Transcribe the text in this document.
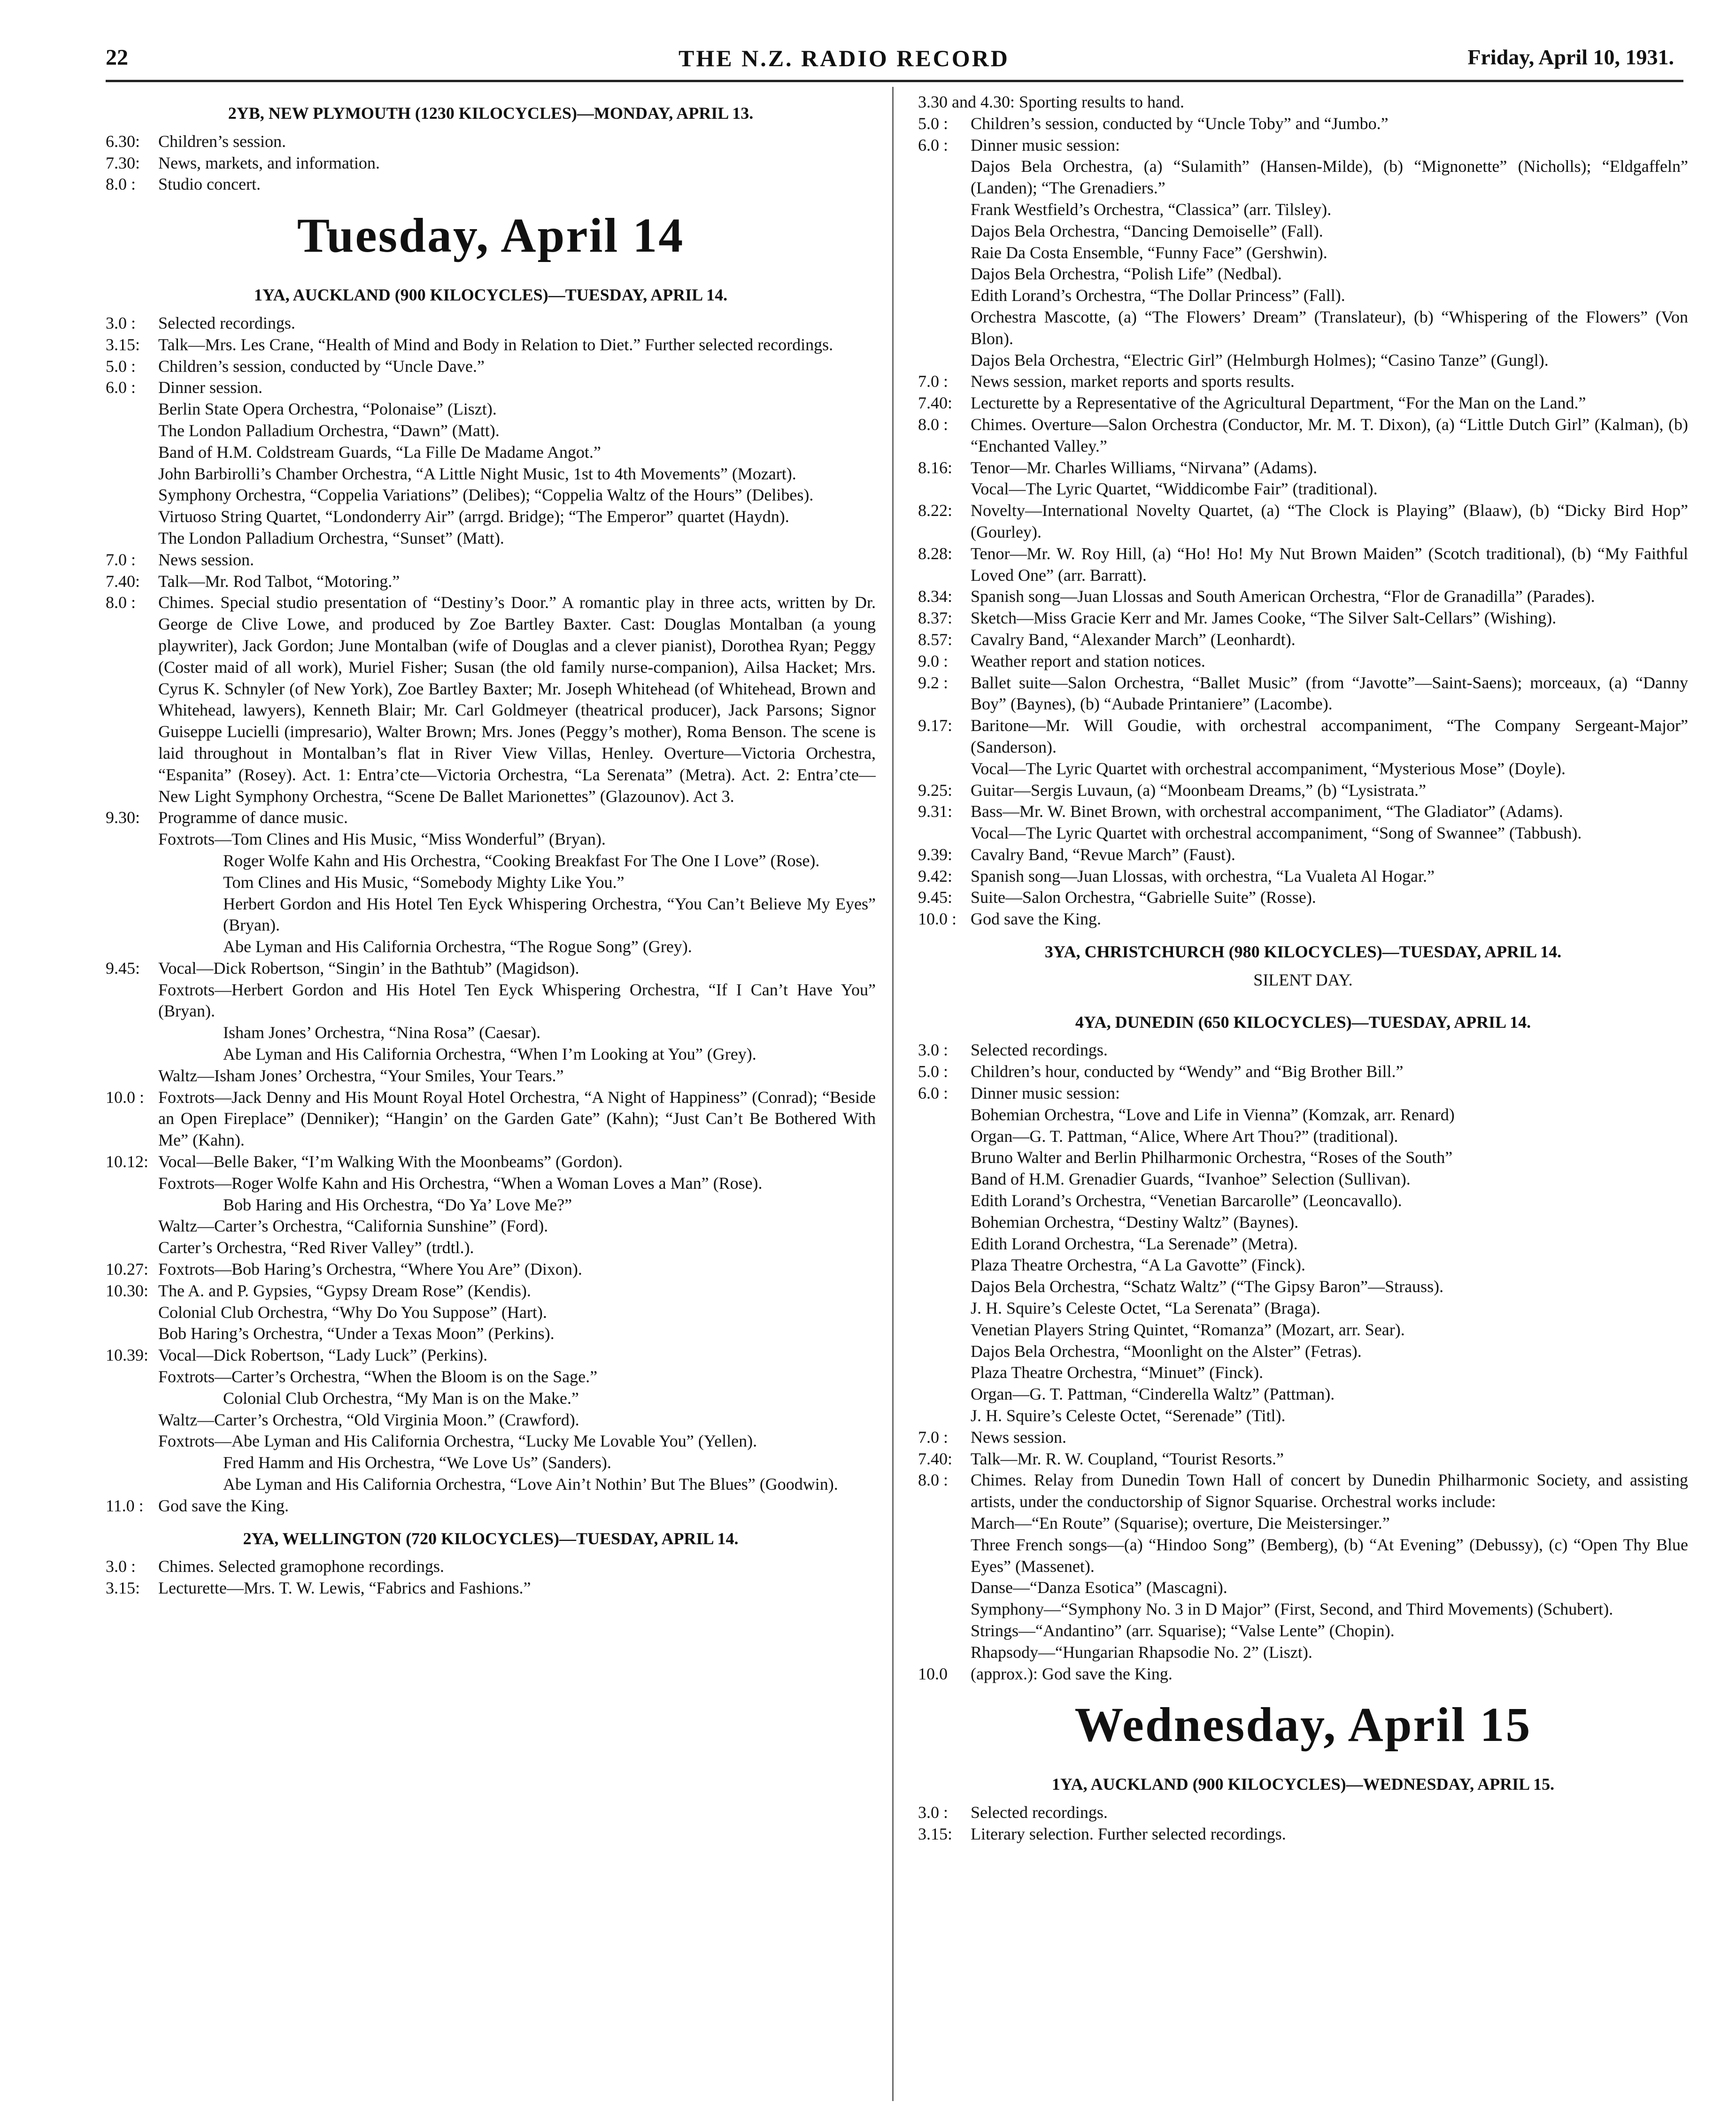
22	THE N.Z. RADIO RECORD	Friday, April 10, 1931.
2YB, NEW PLYMOUTH (1230 KILOCYCLES)—MONDAY, APRIL 13.
6.30:	Children’s session.
7.30:	News, markets, and information.
8.0 :	Studio concert.
Tuesday, April 14
1YA, AUCKLAND (900 KILOCYCLES)—TUESDAY, APRIL 14.
3.0 :	Selected recordings.
3.15:	Talk—Mrs. Les Crane, “Health of Mind and Body in Relation to Diet.” Further selected recordings.
5.0 :	Children’s session, conducted by “Uncle Dave.”
6.0 :	Dinner session.
Berlin State Opera Orchestra, “Polonaise” (Liszt).
The London Palladium Orchestra, “Dawn” (Matt).
Band of H.M. Coldstream Guards, “La Fille De Madame Angot.”
John Barbirolli’s Chamber Orchestra, “A Little Night Music, 1st to 4th Movements” (Mozart).
Symphony Orchestra, “Coppelia Variations” (Delibes); “Coppelia Waltz of the Hours” (Delibes).
Virtuoso String Quartet, “Londonderry Air” (arrgd. Bridge); “The Emperor” quartet (Haydn).
The London Palladium Orchestra, “Sunset” (Matt).
7.0 :	News session.
7.40:	Talk—Mr. Rod Talbot, “Motoring.”
8.0 :	Chimes. Special studio presentation of “Destiny’s Door.” A romantic play in three acts, written by Dr. George de Clive Lowe, and produced by Zoe Bartley Baxter. Cast: Douglas Montalban (a young playwriter), Jack Gordon; June Montalban (wife of Douglas and a clever pianist), Dorothea Ryan; Peggy (Coster maid of all work), Muriel Fisher; Susan (the old family nurse-companion), Ailsa Hacket; Mrs. Cyrus K. Schnyler (of New York), Zoe Bartley Baxter; Mr. Joseph Whitehead (of Whitehead, Brown and Whitehead, lawyers), Kenneth Blair; Mr. Carl Goldmeyer (theatrical producer), Jack Parsons; Signor Guiseppe Lucielli (impresario), Walter Brown; Mrs. Jones (Peggy’s mother), Roma Benson. The scene is laid throughout in Montalban’s flat in River View Villas, Henley. Overture—Victoria Orchestra, “Espanita” (Rosey). Act. 1: Entra’cte—Victoria Orchestra, “La Serenata” (Metra). Act. 2: Entra’cte—New Light Symphony Orchestra, “Scene De Ballet Marionettes” (Glazounov). Act 3.
9.30:	Programme of dance music.
Foxtrots—Tom Clines and His Music, “Miss Wonderful” (Bryan).
Roger Wolfe Kahn and His Orchestra, “Cooking Breakfast For The One I Love” (Rose).
Tom Clines and His Music, “Somebody Mighty Like You.”
Herbert Gordon and His Hotel Ten Eyck Whispering Orchestra, “You Can’t Believe My Eyes” (Bryan).
Abe Lyman and His California Orchestra, “The Rogue Song” (Grey).
9.45:	Vocal—Dick Robertson, “Singin’ in the Bathtub” (Magidson).
Foxtrots—Herbert Gordon and His Hotel Ten Eyck Whispering Orchestra, “If I Can’t Have You” (Bryan).
Isham Jones’ Orchestra, “Nina Rosa” (Caesar).
Abe Lyman and His California Orchestra, “When I’m Looking at You” (Grey).
Waltz—Isham Jones’ Orchestra, “Your Smiles, Your Tears.”
10.0 : Foxtrots—Jack Denny and His Mount Royal Hotel Orchestra, “A Night of Happiness” (Conrad); “Beside an Open Fireplace” (Denniker); “Hangin’ on the Garden Gate” (Kahn); “Just Can’t Be Bothered With Me” (Kahn).
10.12: Vocal—Belle Baker, “I’m Walking With the Moonbeams” (Gordon).
Foxtrots—Roger Wolfe Kahn and His Orchestra, “When a Woman Loves a Man” (Rose).
Bob Haring and His Orchestra, “Do Ya’ Love Me?”
Waltz—Carter’s Orchestra, “California Sunshine” (Ford).
Carter’s Orchestra, “Red River Valley” (trdtl.).
10.27: Foxtrots—Bob Haring’s Orchestra, “Where You Are” (Dixon).
10.30: The A. and P. Gypsies, “Gypsy Dream Rose” (Kendis).
Colonial Club Orchestra, “Why Do You Suppose” (Hart).
Bob Haring’s Orchestra, “Under a Texas Moon” (Perkins).
10.39: Vocal—Dick Robertson, “Lady Luck” (Perkins).
Foxtrots—Carter’s Orchestra, “When the Bloom is on the Sage.”
Colonial Club Orchestra, “My Man is on the Make.”
Waltz—Carter’s Orchestra, “Old Virginia Moon.” (Crawford).
Foxtrots—Abe Lyman and His California Orchestra, “Lucky Me Lovable You” (Yellen).
Fred Hamm and His Orchestra, “We Love Us” (Sanders).
Abe Lyman and His California Orchestra, “Love Ain’t Nothin’ But The Blues” (Goodwin).
11.0 : God save the King.
2YA, WELLINGTON (720 KILOCYCLES)—TUESDAY, APRIL 14.
3.0 :	Chimes. Selected gramophone recordings.
3.15:	Lecturette—Mrs. T. W. Lewis, “Fabrics and Fashions.”
3.30 and 4.30: Sporting results to hand.
5.0 :	Children’s session, conducted by “Uncle Toby” and “Jumbo.”
6.0 :	Dinner music session:
Dajos Bela Orchestra, (a) “Sulamith” (Hansen-Milde), (b) “Mignonette” (Nicholls); “Eldgaffeln” (Landen); “The Grenadiers.”
Frank Westfield’s Orchestra, “Classica” (arr. Tilsley).
Dajos Bela Orchestra, “Dancing Demoiselle” (Fall).
Raie Da Costa Ensemble, “Funny Face” (Gershwin).
Dajos Bela Orchestra, “Polish Life” (Nedbal).
Edith Lorand’s Orchestra, “The Dollar Princess” (Fall).
Orchestra Mascotte, (a) “The Flowers’ Dream” (Translateur), (b) “Whispering of the Flowers” (Von Blon).
Dajos Bela Orchestra, “Electric Girl” (Helmburgh Holmes); “Casino Tanze” (Gungl).
7.0 :	News session, market reports and sports results.
7.40:	Lecturette by a Representative of the Agricultural Department, “For the Man on the Land.”
8.0 :	Chimes. Overture—Salon Orchestra (Conductor, Mr. M. T. Dixon), (a) “Little Dutch Girl” (Kalman), (b) “Enchanted Valley.”
8.16:	Tenor—Mr. Charles Williams, “Nirvana” (Adams).
Vocal—The Lyric Quartet, “Widdicombe Fair” (traditional).
8.22:	Novelty—International Novelty Quartet, (a) “The Clock is Playing” (Blaaw), (b) “Dicky Bird Hop” (Gourley).
8.28:	Tenor—Mr. W. Roy Hill, (a) “Ho! Ho! My Nut Brown Maiden” (Scotch traditional), (b) “My Faithful Loved One” (arr. Barratt).
8.34:	Spanish song—Juan Llossas and South American Orchestra, “Flor de Granadilla” (Parades).
8.37:	Sketch—Miss Gracie Kerr and Mr. James Cooke, “The Silver Salt-Cellars” (Wishing).
8.57:	Cavalry Band, “Alexander March” (Leonhardt).
9.0 :	Weather report and station notices.
9.2 :	Ballet suite—Salon Orchestra, “Ballet Music” (from “Javotte”—Saint-Saens); morceaux, (a) “Danny Boy” (Baynes), (b) “Aubade Printaniere” (Lacombe).
9.17:	Baritone—Mr. Will Goudie, with orchestral accompaniment, “The Company Sergeant-Major” (Sanderson).
Vocal—The Lyric Quartet with orchestral accompaniment, “Mysterious Mose” (Doyle).
9.25:	Guitar—Sergis Luvaun, (a) “Moonbeam Dreams,” (b) “Lysistrata.”
9.31:	Bass—Mr. W. Binet Brown, with orchestral accompaniment, “The Gladiator” (Adams).
Vocal—The Lyric Quartet with orchestral accompaniment, “Song of Swannee” (Tabbush).
9.39:	Cavalry Band, “Revue March” (Faust).
9.42:	Spanish song—Juan Llossas, with orchestra, “La Vualeta Al Hogar.”
9.45:	Suite—Salon Orchestra, “Gabrielle Suite” (Rosse).
10.0 : God save the King.
3YA, CHRISTCHURCH (980 KILOCYCLES)—TUESDAY, APRIL 14.
SILENT DAY.
4YA, DUNEDIN (650 KILOCYCLES)—TUESDAY, APRIL 14.
3.0 :	Selected recordings.
5.0 :	Children’s hour, conducted by “Wendy” and “Big Brother Bill.”
6.0 :	Dinner music session:
Bohemian Orchestra, “Love and Life in Vienna” (Komzak, arr. Renard)
Organ—G. T. Pattman, “Alice, Where Art Thou?” (traditional).
Bruno Walter and Berlin Philharmonic Orchestra, “Roses of the South”
Band of H.M. Grenadier Guards, “Ivanhoe” Selection (Sullivan).
Edith Lorand’s Orchestra, “Venetian Barcarolle” (Leoncavallo).
Bohemian Orchestra, “Destiny Waltz” (Baynes).
Edith Lorand Orchestra, “La Serenade” (Metra).
Plaza Theatre Orchestra, “A La Gavotte” (Finck).
Dajos Bela Orchestra, “Schatz Waltz” (“The Gipsy Baron”—Strauss).
J. H. Squire’s Celeste Octet, “La Serenata” (Braga).
Venetian Players String Quintet, “Romanza” (Mozart, arr. Sear).
Dajos Bela Orchestra, “Moonlight on the Alster” (Fetras).
Plaza Theatre Orchestra, “Minuet” (Finck).
Organ—G. T. Pattman, “Cinderella Waltz” (Pattman).
J. H. Squire’s Celeste Octet, “Serenade” (Titl).
7.0 :	News session.
7.40:	Talk—Mr. R. W. Coupland, “Tourist Resorts.”
8.0 :	Chimes. Relay from Dunedin Town Hall of concert by Dunedin Philharmonic Society, and assisting artists, under the conductorship of Signor Squarise. Orchestral works include:
March—“En Route” (Squarise); overture, Die Meistersinger.”
Three French songs—(a) “Hindoo Song” (Bemberg), (b) “At Evening” (Debussy), (c) “Open Thy Blue Eyes” (Massenet).
Danse—“Danza Esotica” (Mascagni).
Symphony—“Symphony No. 3 in D Major” (First, Second, and Third Movements) (Schubert).
Strings—“Andantino” (arr. Squarise); “Valse Lente” (Chopin).
Rhapsody—“Hungarian Rhapsodie No. 2” (Liszt).
10.0	(approx.): God save the King.
Wednesday, April 15
1YA, AUCKLAND (900 KILOCYCLES)—WEDNESDAY, APRIL 15.
3.0 :	Selected recordings.
3.15:	Literary selection. Further selected recordings.
